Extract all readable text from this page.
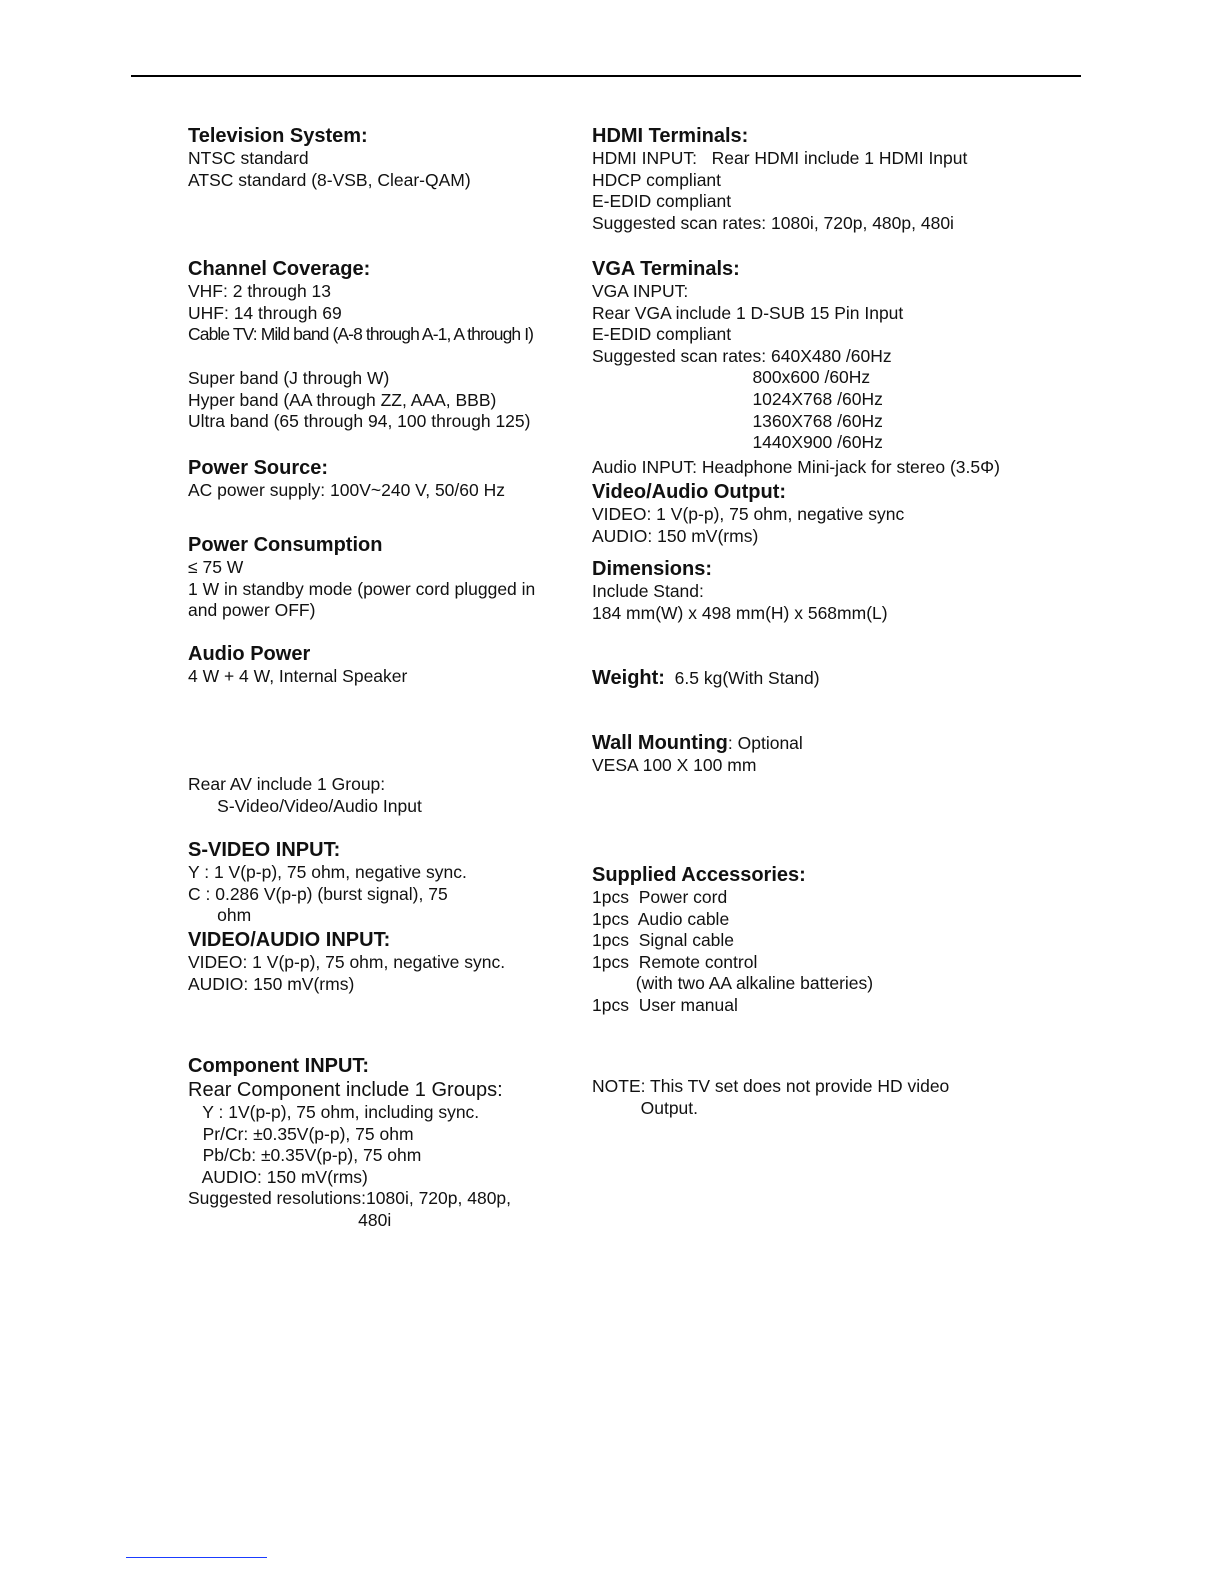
Television System:

NTSC standard

ATSC standard (8-VSB, Clear-QAM)

Channel Coverage:

VHF: 2 through 13

UHF: 14 through 69

Cable TV: Mild band (A-8 through A-1, A through I)

Super band (J through W)

Hyper band (AA through ZZ, AAA, BBB)

Ultra band (65 through 94, 100 through 125)

Power Source:

AC power supply: 100V~240 V, 50/60 Hz

Power Consumption

≤ 75 W

1 W in standby mode (power cord plugged in

and power OFF)

Audio Power

4 W + 4 W, Internal Speaker

Rear AV include 1 Group:

S-Video/Video/Audio Input

S-VIDEO INPUT:

Y : 1 V(p-p), 75 ohm, negative sync.

C : 0.286 V(p-p) (burst signal), 75

ohm

VIDEO/AUDIO INPUT:

VIDEO: 1 V(p-p), 75 ohm, negative sync.

AUDIO: 150 mV(rms)

Component INPUT:

Rear Component include 1 Groups:

Y : 1V(p-p), 75 ohm, including sync.

Pr/Cr: ±0.35V(p-p), 75 ohm

Pb/Cb: ±0.35V(p-p), 75 ohm

AUDIO: 150 mV(rms)

Suggested resolutions:1080i, 720p, 480p,

480i

HDMI Terminals:

HDMI INPUT:   Rear HDMI include 1 HDMI Input

HDCP compliant

E-EDID compliant

Suggested scan rates: 1080i, 720p, 480p, 480i

VGA Terminals:

VGA INPUT:

Rear VGA include 1 D-SUB 15 Pin Input

E-EDID compliant

Suggested scan rates: 640X480 /60Hz

800x600 /60Hz

1024X768 /60Hz

1360X768 /60Hz

1440X900 /60Hz

Audio INPUT: Headphone Mini-jack for stereo (3.5Φ)

Video/Audio Output:

VIDEO: 1 V(p-p), 75 ohm, negative sync

AUDIO: 150 mV(rms)

Dimensions:

Include Stand:

184 mm(W) x 498 mm(H) x 568mm(L)

Weight:  6.5 kg(With Stand)

Wall Mounting: Optional

VESA 100 X 100 mm

Supplied Accessories:

1pcs  Power cord

1pcs  Audio cable

1pcs  Signal cable

1pcs  Remote control

(with two AA alkaline batteries)

1pcs  User manual

NOTE: This TV set does not provide HD video

Output.
